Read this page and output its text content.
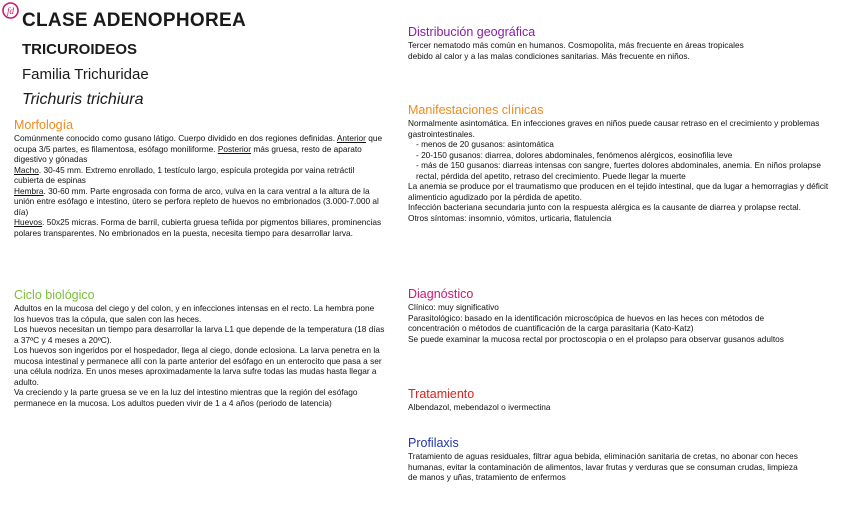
fd CLASE ADENOPHOREA
TRICUROIDEOS
Familia Trichuridae
Trichuris trichiura
Morfología
Comúnmente conocido como gusano látigo. Cuerpo dividido en dos regiones definidas. Anterior que ocupa 3/5 partes, es filamentosa, esófago moniliforme. Posterior más gruesa, resto de aparato digestivo y gónadas
Macho. 30-45 mm. Extremo enrollado, 1 testículo largo, espícula protegida por vaina retráctil cubierta de espinas
Hembra. 30-60 mm. Parte engrosada con forma de arco, vulva en la cara ventral a la altura de la unión entre esófago e intestino, útero se perfora repleto de huevos no embrionados (3.000-7.000 al día)
Huevos. 50x25 micras. Forma de barril, cubierta gruesa teñida por pigmentos biliares, prominencias polares transparentes. No embrionados en la puesta, necesita tiempo para desarrollar larva.
Ciclo biológico

Adultos en la mucosa del ciego y del colon, y en infecciones intensas en el recto. La hembra pone los huevos tras la cópula, que salen con las heces.

Los huevos necesitan un tiempo para desarrollar la larva L1 que depende de la temperatura (18 días a 37ºC y 4 meses a 20ºC).

Los huevos son ingeridos por el hospedador, llega al ciego, donde eclosiona. La larva penetra en la mucosa intestinal y permanece allí con la parte anterior del esófago en un enterocito que pasa a ser una célula nodriza. En unos meses aproximadamente la larva sufre todas las mudas hasta llegar a adulto.

Va creciendo y la parte gruesa se ve en la luz del intestino mientras que la región del esófago permanece en la mucosa. Los adultos pueden vivir de 1 a 4 años (periodo de latencia)

Distribución geográfica
Tercer nematodo más común en humanos. Cosmopolita, más frecuente en áreas tropicales debido al calor y a las malas condiciones sanitarias. Más frecuente en niños.
Manifestaciones clínicas

Normalmente asintomática. En infecciones graves en niños puede causar retraso en el crecimiento y problemas gastrointestinales.

- menos de 20 gusanos: asintomática

- 20-150 gusanos: diarrea, dolores abdominales, fenómenos alérgicos, eosinofilia leve

- más de 150 gusanos: diarreas intensas con sangre, fuertes dolores abdominales, anemia. En niños prolapse rectal, pérdida del apetito, retraso del crecimiento. Puede llegar la muerte

La anemia se produce por el traumatismo que producen en el tejido intestinal, que da lugar a hemorragias y déficit alimenticio agudizado por la pérdida de apetito.

Infección bacteriana secundaria junto con la respuesta alérgica es la causante de diarrea y prolapse rectal.

Otros síntomas: insomnio, vómitos, urticaria, flatulencia

Diagnóstico

Clínico: muy significativo

Parasitológico: basado en la identificación microscópica de huevos en las heces con métodos de concentración o métodos de cuantificación de la carga parasitaria (Kato-Katz)

Se puede examinar la mucosa rectal por proctoscopia o en el prolapso para observar gusanos adultos

Tratamiento
Albendazol, mebendazol o ivermectina
Profilaxis
Tratamiento de aguas residuales, filtrar agua bebida, eliminación sanitaria de cretas, no abonar con heces humanas, evitar la contaminación de alimentos, lavar frutas y verduras que se consuman crudas, limpieza de manos y uñas, tratamiento de enfermos
